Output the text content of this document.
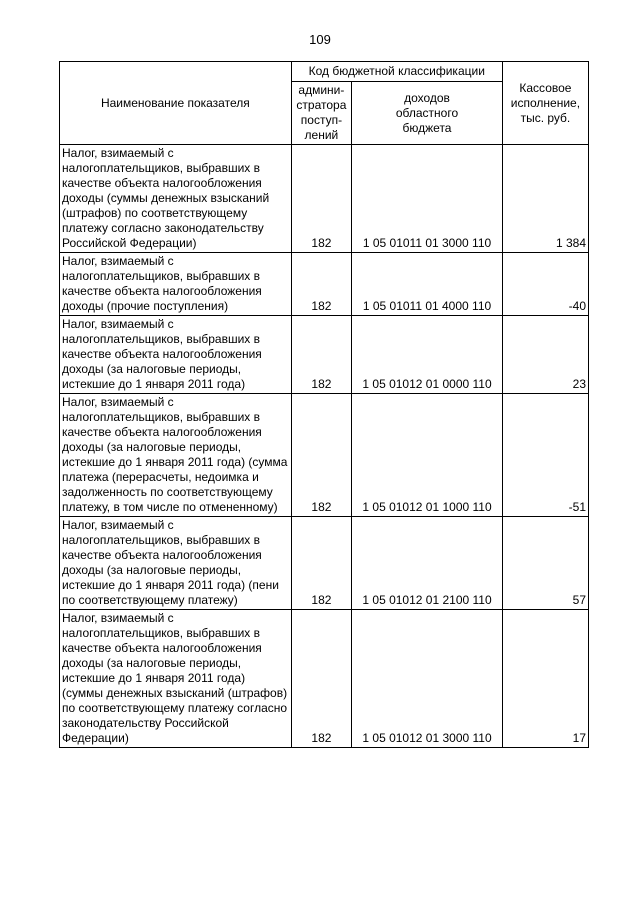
109
Наименование показателя	Код бюджетной классификации		Кассовое
исполнение,
тыс. руб.
	админи-
стратора
поступ-
лений	доходов
областного
бюджета	
Налог, взимаемый с налогоплательщиков, выбравших в качестве объекта налогообложения доходы (суммы денежных взысканий (штрафов) по соответствующему платежу согласно законодательству Российской Федерации)	182	1 05 01011 01 3000 110	1 384
Налог, взимаемый с налогоплательщиков, выбравших в качестве объекта налогообложения доходы (прочие поступления)	182	1 05 01011 01 4000 110	-40
Налог, взимаемый с налогоплательщиков, выбравших в качестве объекта налогообложения доходы (за налоговые периоды, истекшие до 1 января 2011 года)	182	1 05 01012 01 0000 110	23
Налог, взимаемый с налогоплательщиков, выбравших в качестве объекта налогообложения доходы (за налоговые периоды, истекшие до 1 января 2011 года) (сумма платежа (перерасчеты, недоимка и задолженность по соответствующему платежу, в том числе по отмененному)	182	1 05 01012 01 1000 110	-51
Налог, взимаемый с налогоплательщиков, выбравших в качестве объекта налогообложения доходы (за налоговые периоды, истекшие до 1 января 2011 года) (пени по соответствующему платежу)	182	1 05 01012 01 2100 110	57
Налог, взимаемый с налогоплательщиков, выбравших в качестве объекта налогообложения доходы (за налоговые периоды, истекшие до 1 января 2011 года) (суммы денежных взысканий (штрафов) по соответствующему платежу согласно законодательству Российской Федерации)	182	1 05 01012 01 3000 110	17
